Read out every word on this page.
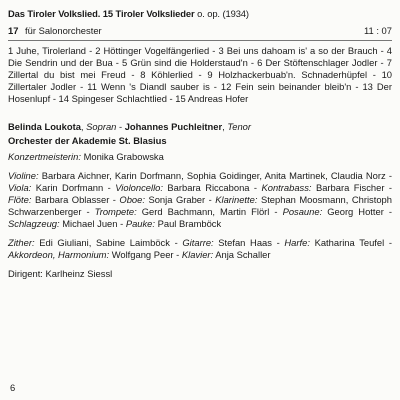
Das Tiroler Volkslied. 15 Tiroler Volkslieder o. op. (1934)
17 für Salonorchester	11 : 07
1 Juhe, Tirolerland - 2 Höttinger Vogelfängerlied - 3 Bei uns dahoam is' a so der Brauch - 4 Die Sendrin und der Bua - 5 Grün sind die Holderstaud'n - 6 Der Stöftenschlager Jodler - 7 Zillertal du bist mei Freud - 8 Köhlerlied - 9 Holzhackerbuab'n. Schnaderhüpfel - 10 Zillertaler Jodler - 11 Wenn 's Diandl sauber is - 12 Fein sein beinander bleib'n - 13 Der Hosenlupf - 14 Spingeser Schlachtlied - 15 Andreas Hofer
Belinda Loukota, Sopran - Johannes Puchleitner, Tenor
Orchester der Akademie St. Blasius
Konzertmeisterin: Monika Grabowska
Violine: Barbara Aichner, Karin Dorfmann, Sophia Goidinger, Anita Martinek, Claudia Norz - Viola: Karin Dorfmann - Violoncello: Barbara Riccabona - Kontrabass: Barbara Fischer - Flöte: Barbara Oblasser - Oboe: Sonja Graber - Klarinette: Stephan Moosmann, Christoph Schwarzenberger - Trompete: Gerd Bachmann, Martin Flörl - Posaune: Georg Hotter - Schlagzeug: Michael Juen - Pauke: Paul Bramböck
Zither: Edi Giuliani, Sabine Laimböck - Gitarre: Stefan Haas - Harfe: Katharina Teufel - Akkordeon, Harmonium: Wolfgang Peer - Klavier: Anja Schaller
Dirigent: Karlheinz Siessl
6
